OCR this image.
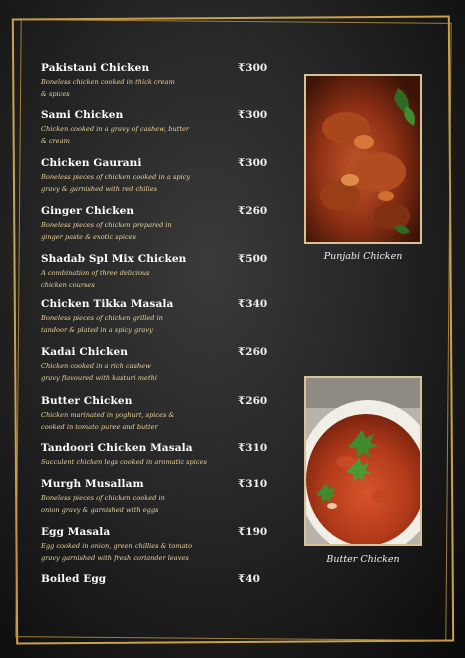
Pakistani Chicken	₹300
Boneless chicken cooked in thick cream
& spices
Sami Chicken	₹300
Chicken cooked in a gravy of cashew, butter
& cream
Chicken Gaurani	₹300
Boneless pieces of chicken cooked in a spicy
gravy & garnished with red chilies
Ginger Chicken	₹260
Boneless pieces of chicken prepared in
ginger paste & exotic spices
Shadab Spl Mix Chicken	₹500
A combination of three delicious
chicken courses
Chicken Tikka Masala	₹340
Boneless pieces of chicken grilled in
tandoor & plated in a spicy gravy
Kadai Chicken	₹260
Chicken cooked in a rich cashew
gravy flavoured with kasturi methi
Butter Chicken	₹260
Chicken marinated in yoghurt, spices &
cooked in tomato puree and butter
Tandoori Chicken Masala	₹310
Succulent chicken legs cooked in aromatic spices
Murgh Musallam	₹310
Boneless pieces of chicken cooked in
onion gravy & garnished with eggs
Egg Masala	₹190
Egg cooked in onion, green chillies & tomato
gravy garnished with fresh coriander leaves
Boiled Egg	₹40
Punjabi Chicken
Butter Chicken
